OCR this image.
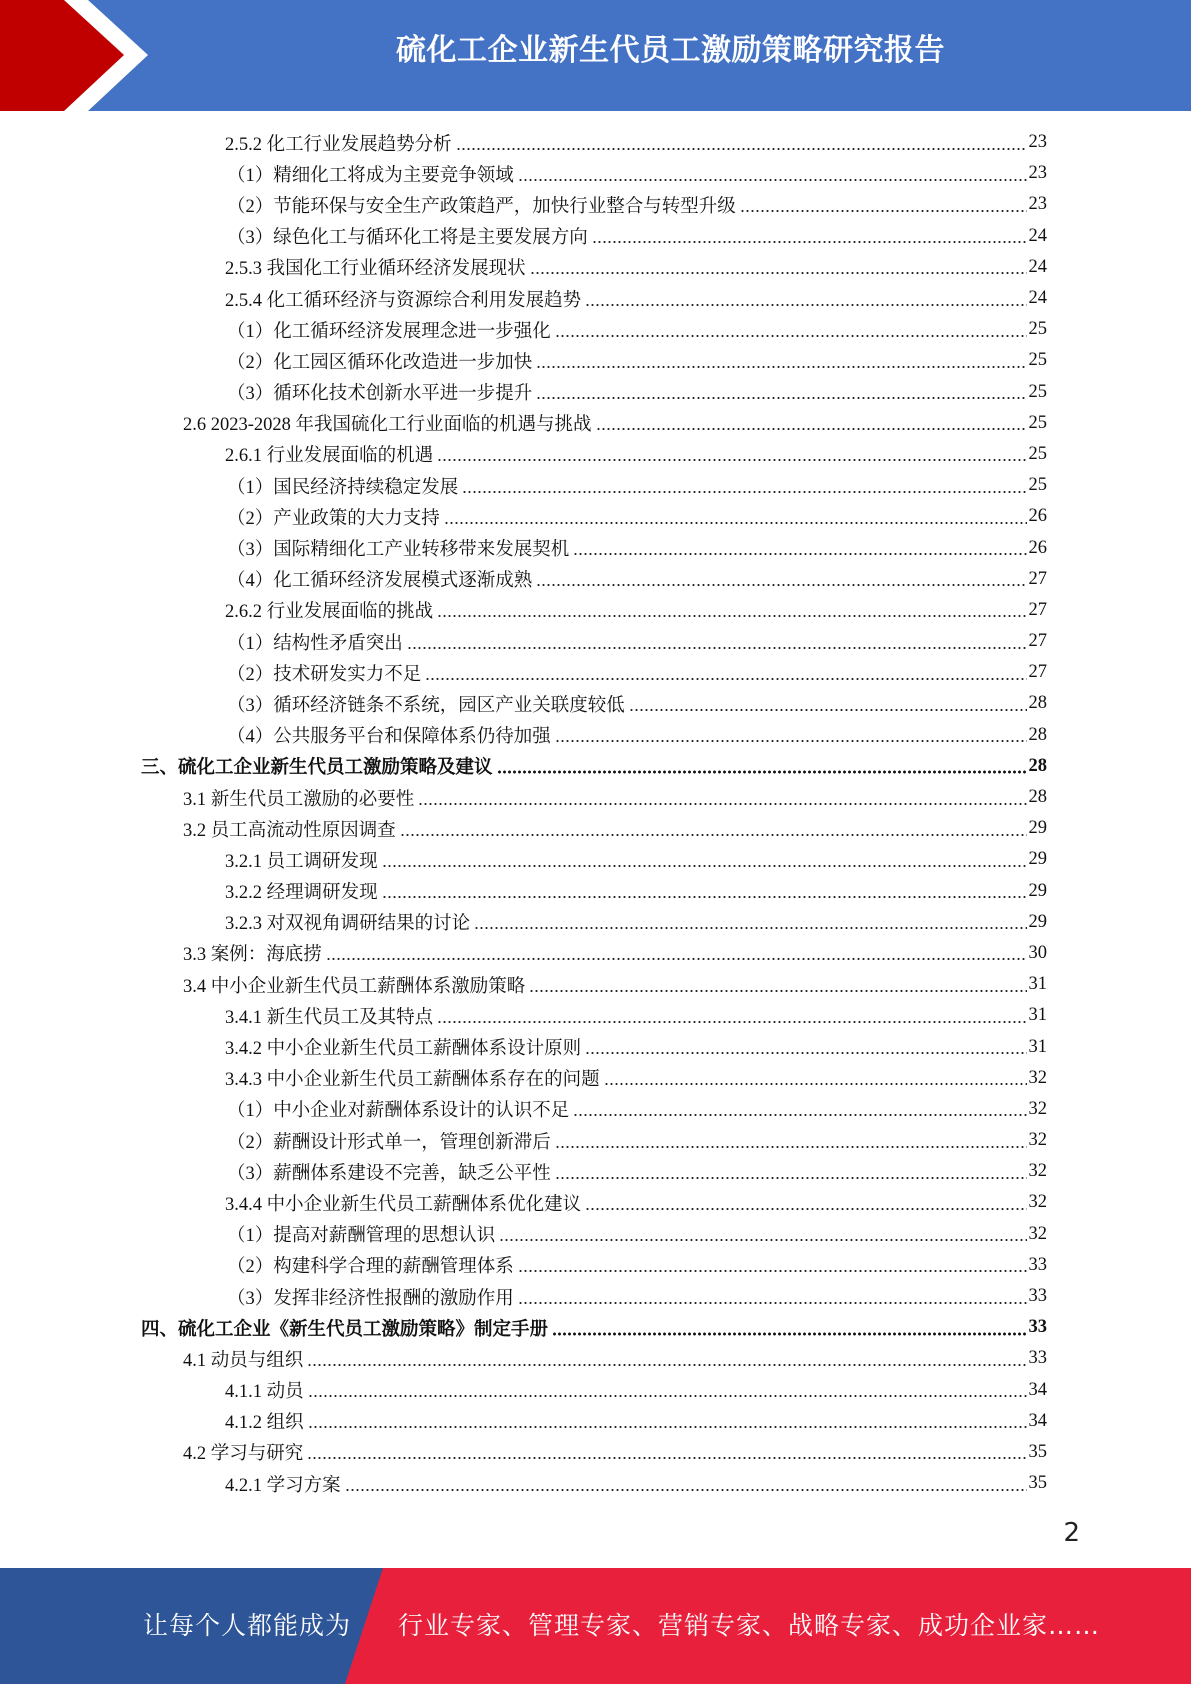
硫化工企业新生代员工激励策略研究报告
2.5.2 化工行业发展趋势分析	23
（1）精细化工将成为主要竞争领域	23
（2）节能环保与安全生产政策趋严，加快行业整合与转型升级	23
（3）绿色化工与循环化工将是主要发展方向	24
2.5.3 我国化工行业循环经济发展现状	24
2.5.4 化工循环经济与资源综合利用发展趋势	24
（1）化工循环经济发展理念进一步强化	25
（2）化工园区循环化改造进一步加快	25
（3）循环化技术创新水平进一步提升	25
2.6 2023-2028 年我国硫化工行业面临的机遇与挑战	25
2.6.1 行业发展面临的机遇	25
（1）国民经济持续稳定发展	25
（2）产业政策的大力支持	26
（3）国际精细化工产业转移带来发展契机	26
（4）化工循环经济发展模式逐渐成熟	27
2.6.2 行业发展面临的挑战	27
（1）结构性矛盾突出	27
（2）技术研发实力不足	27
（3）循环经济链条不系统，园区产业关联度较低	28
（4）公共服务平台和保障体系仍待加强	28
三、硫化工企业新生代员工激励策略及建议	28
3.1 新生代员工激励的必要性	28
3.2 员工高流动性原因调查	29
3.2.1 员工调研发现	29
3.2.2 经理调研发现	29
3.2.3 对双视角调研结果的讨论	29
3.3 案例：海底捞	30
3.4 中小企业新生代员工薪酬体系激励策略	31
3.4.1 新生代员工及其特点	31
3.4.2 中小企业新生代员工薪酬体系设计原则	31
3.4.3 中小企业新生代员工薪酬体系存在的问题	32
（1）中小企业对薪酬体系设计的认识不足	32
（2）薪酬设计形式单一，管理创新滞后	32
（3）薪酬体系建设不完善，缺乏公平性	32
3.4.4 中小企业新生代员工薪酬体系优化建议	32
（1）提高对薪酬管理的思想认识	32
（2）构建科学合理的薪酬管理体系	33
（3）发挥非经济性报酬的激励作用	33
四、硫化工企业《新生代员工激励策略》制定手册	33
4.1 动员与组织	33
4.1.1 动员	34
4.1.2 组织	34
4.2 学习与研究	35
4.2.1 学习方案	35
2
让每个人都能成为 行业专家、管理专家、营销专家、战略专家、成功企业家……
